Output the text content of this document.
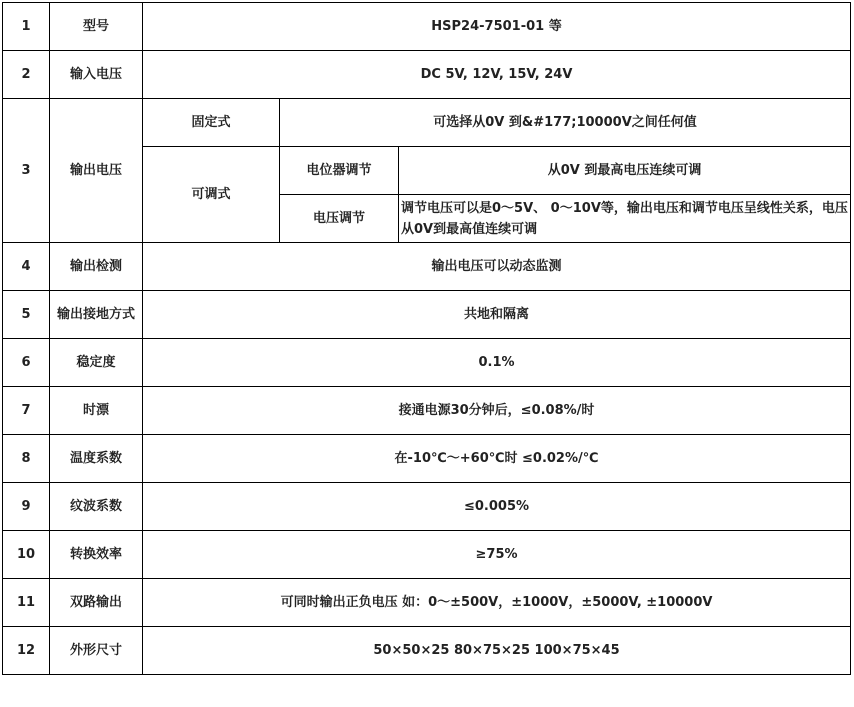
1	型号	HSP24-7501-01 等		
2	输入电压	DC 5V, 12V, 15V, 24V		
3	输出电压	固定式	可选择从0V 到&#177;10000V之间任何值	
		可调式	电位器调节	从0V 到最高电压连续可调
			电压调节	调节电压可以是0～5V、 0～10V等，输出电压和调节电压呈线性关系，电压从0V到最高值连续可调
4	输出检测	输出电压可以动态监测		
5	输出接地方式	共地和隔离		
6	稳定度	0.1%		
7	时漂	接通电源30分钟后，≤0.08%/时		
8	温度系数	在-10℃～+60℃时 ≤0.02%/℃		
9	纹波系数	≤0.005%		
10	转换效率	≥75%		
11	双路输出	可同时输出正负电压 如：0～±500V，±1000V，±5000V, ±10000V		
12	外形尺寸	50×50×25 80×75×25 100×75×45		
